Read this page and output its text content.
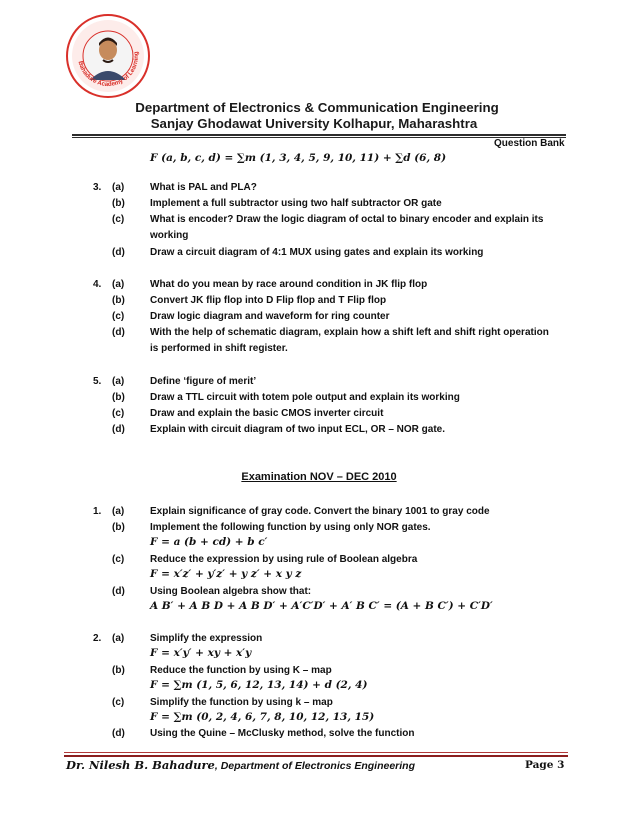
Bahadure Academy of Learning
Department of Electronics & Communication Engineering
Sanjay Ghodawat University Kolhapur, Maharashtra
Question Bank
F (a, b, c, d) = ∑m (1, 3, 4, 5, 9, 10, 11) + ∑d (6, 8)
3. (a)	What is PAL and PLA?
(b)	Implement a full subtractor using two half subtractor OR gate
(c)	What is encoder? Draw the logic diagram of octal to binary encoder and explain its
working
(d)	Draw a circuit diagram of 4:1 MUX using gates and explain its working
4. (a)	What do you mean by race around condition in JK flip flop
(b)	Convert JK flip flop into D Flip flop and T Flip flop
(c)	Draw logic diagram and waveform for ring counter
(d)	With the help of schematic diagram, explain how a shift left and shift right operation
is performed in shift register.
5. (a)	Define ‘figure of merit’
(b)	Draw a TTL circuit with totem pole output and explain its working
(c)	Draw and explain the basic CMOS inverter circuit
(d)	Explain with circuit diagram of two input ECL, OR – NOR gate.
Examination NOV – DEC 2010
1. (a)	Explain significance of gray code. Convert the binary 1001 to gray code
(b)	Implement the following function by using only NOR gates.
F = a (b + cd) + b c′
(c)	Reduce the expression by using rule of Boolean algebra
F = x′z′ + y′z′ + y z′ + x y z
(d)	Using Boolean algebra show that:
A B′ + A B D + A B D′ + A′C′D′ + A′ B C′ = (A + B C′) + C′D′
2. (a)	Simplify the expression
F = x′y′ + xy + x′y
(b)	Reduce the function by using K – map
F = ∑m (1, 5, 6, 12, 13, 14) + d (2, 4)
(c)	Simplify the function by using k – map
F = ∑m (0, 2, 4, 6, 7, 8, 10, 12, 13, 15)
(d)	Using the Quine – McClusky method, solve the function
Dr. Nilesh B. Bahadure, Department of Electronics Engineering	Page 3
